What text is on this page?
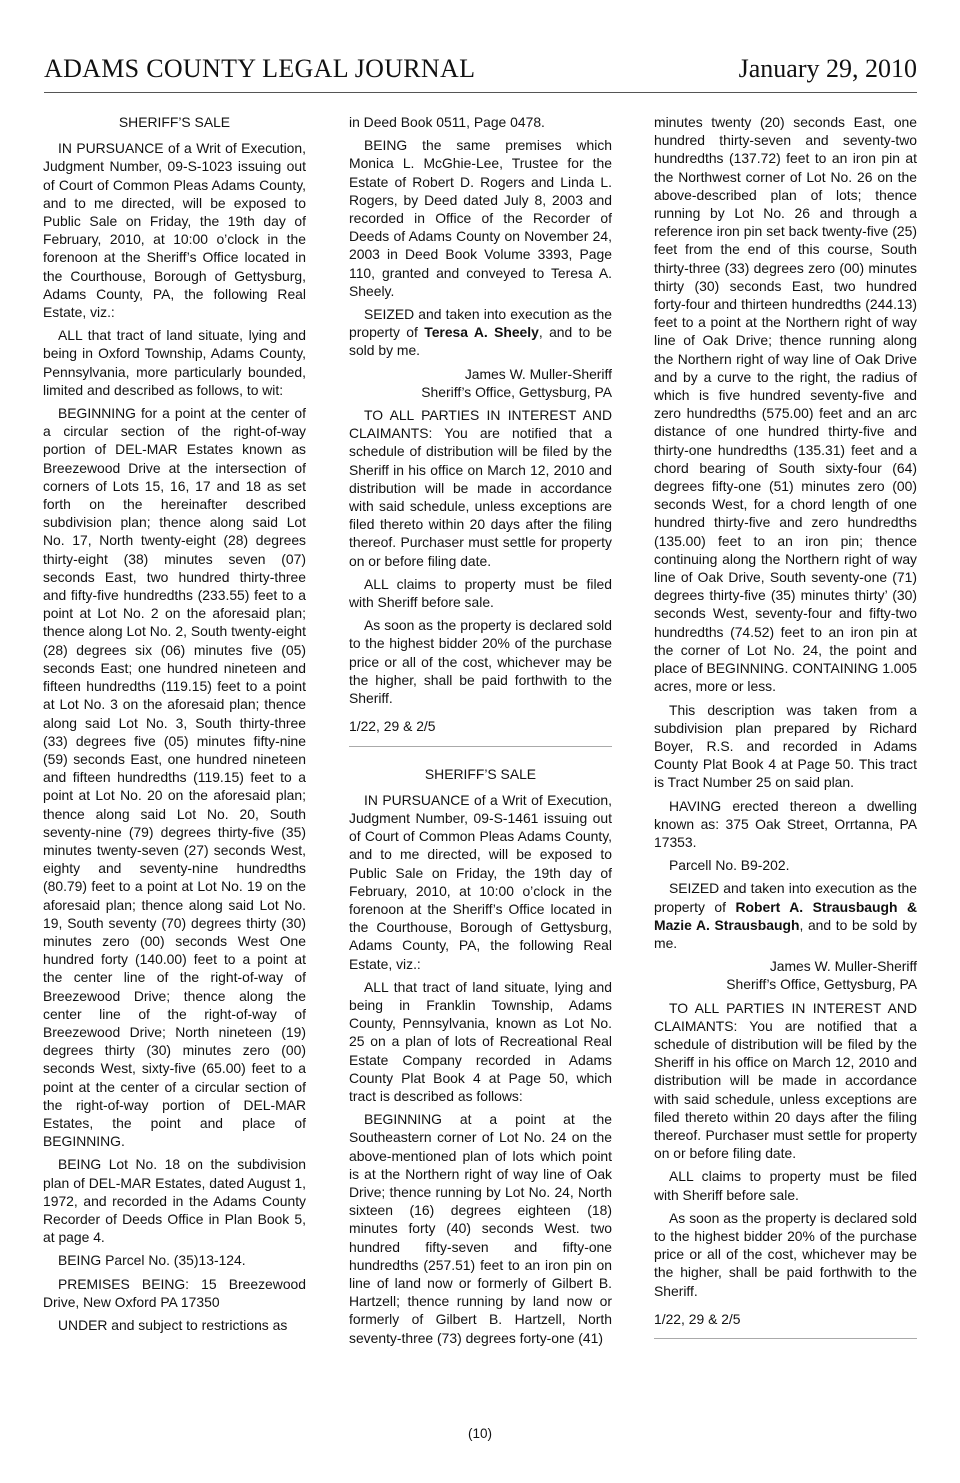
ADAMS COUNTY LEGAL JOURNAL	January 29, 2010

SHERIFF’S SALE

IN PURSUANCE of a Writ of Execution, Judgment Number, 09-S-1023 issuing out of Court of Common Pleas Adams County, and to me directed, will be exposed to Public Sale on Friday, the 19th day of February, 2010, at 10:00 o’clock in the forenoon at the Sheriff’s Office located in the Courthouse, Borough of Gettysburg, Adams County, PA, the following Real Estate, viz.:

ALL that tract of land situate, lying and being in Oxford Township, Adams County, Pennsylvania, more particularly bounded, limited and described as follows, to wit:

BEGINNING for a point at the center of a circular section of the right-of-way portion of DEL-MAR Estates known as Breezewood Drive at the intersection of corners of Lots 15, 16, 17 and 18 as set forth on the hereinafter described subdivision plan; thence along said Lot No. 17, North twenty-eight (28) degrees thirty-eight (38) minutes seven (07) seconds East, two hundred thirty-three and fifty-five hundredths (233.55) feet to a point at Lot No. 2 on the aforesaid plan; thence along Lot No. 2, South twenty-eight (28) degrees six (06) minutes five (05) seconds East; one hundred nineteen and fifteen hundredths (119.15) feet to a point at Lot No. 3 on the aforesaid plan; thence along said Lot No. 3, South thirty-three (33) degrees five (05) minutes fifty-nine (59) seconds East, one hundred nineteen and fifteen hundredths (119.15) feet to a point at Lot No. 20 on the aforesaid plan; thence along said Lot No. 20, South seventy-nine (79) degrees thirty-five (35) minutes twenty-seven (27) seconds West, eighty and seventy-nine hundredths (80.79) feet to a point at Lot No. 19 on the aforesaid plan; thence along said Lot No. 19, South seventy (70) degrees thirty (30) minutes zero (00) seconds West One hundred forty (140.00) feet to a point at the center line of the right-of-way of Breezewood Drive; thence along the center line of the right-of-way of Breezewood Drive; North nineteen (19) degrees thirty (30) minutes zero (00) seconds West, sixty-five (65.00) feet to a point at the center of a circular section of the right-of-way portion of DEL-MAR Estates, the point and place of BEGINNING.

BEING Lot No. 18 on the subdivision plan of DEL-MAR Estates, dated August 1, 1972, and recorded in the Adams County Recorder of Deeds Office in Plan Book 5, at page 4.

BEING Parcel No. (35)13-124.

PREMISES BEING: 15 Breezewood Drive, New Oxford PA 17350

UNDER and subject to restrictions as

in Deed Book 0511, Page 0478.

BEING the same premises which Monica L. McGhie-Lee, Trustee for the Estate of Robert D. Rogers and Linda L. Rogers, by Deed dated July 8, 2003 and recorded in Office of the Recorder of Deeds of Adams County on November 24, 2003 in Deed Book Volume 3393, Page 110, granted and conveyed to Teresa A. Sheely.

SEIZED and taken into execution as the property of Teresa A. Sheely, and to be sold by me.

James W. Muller-Sheriff

Sheriff’s Office, Gettysburg, PA

TO ALL PARTIES IN INTEREST AND CLAIMANTS: You are notified that a schedule of distribution will be filed by the Sheriff in his office on March 12, 2010 and distribution will be made in accordance with said schedule, unless exceptions are filed thereto within 20 days after the filing thereof. Purchaser must settle for property on or before filing date.

ALL claims to property must be filed with Sheriff before sale.

As soon as the property is declared sold to the highest bidder 20% of the purchase price or all of the cost, whichever may be the higher, shall be paid forthwith to the Sheriff.

1/22, 29 & 2/5

SHERIFF’S SALE

IN PURSUANCE of a Writ of Execution, Judgment Number, 09-S-1461 issuing out of Court of Common Pleas Adams County, and to me directed, will be exposed to Public Sale on Friday, the 19th day of February, 2010, at 10:00 o’clock in the forenoon at the Sheriff’s Office located in the Courthouse, Borough of Gettysburg, Adams County, PA, the following Real Estate, viz.:

ALL that tract of land situate, lying and being in Franklin Township, Adams County, Pennsylvania, known as Lot No. 25 on a plan of lots of Recreational Real Estate Company recorded in Adams County Plat Book 4 at Page 50, which tract is described as follows:

BEGINNING at a point at the Southeastern corner of Lot No. 24 on the above-mentioned plan of lots which point is at the Northern right of way line of Oak Drive; thence running by Lot No. 24, North sixteen (16) degrees eighteen (18) minutes forty (40) seconds West. two hundred fifty-seven and fifty-one hundredths (257.51) feet to an iron pin on line of land now or formerly of Gilbert B. Hartzell; thence running by land now or formerly of Gilbert B. Hartzell, North seventy-three (73) degrees forty-one (41)

minutes twenty (20) seconds East, one hundred thirty-seven and seventy-two hundredths (137.72) feet to an iron pin at the Northwest corner of Lot No. 26 on the above-described plan of lots; thence running by Lot No. 26 and through a reference iron pin set back twenty-five (25) feet from the end of this course, South thirty-three (33) degrees zero (00) minutes thirty (30) seconds East, two hundred forty-four and thirteen hundredths (244.13) feet to a point at the Northern right of way line of Oak Drive; thence running along the Northern right of way line of Oak Drive and by a curve to the right, the radius of which is five hundred seventy-five and zero hundredths (575.00) feet and an arc distance of one hundred thirty-five and thirty-one hundredths (135.31) feet and a chord bearing of South sixty-four (64) degrees fifty-one (51) minutes zero (00) seconds West, for a chord length of one hundred thirty-five and zero hundredths (135.00) feet to an iron pin; thence continuing along the Northern right of way line of Oak Drive, South seventy-one (71) degrees thirty-five (35) minutes thirty’ (30) seconds West, seventy-four and fifty-two hundredths (74.52) feet to an iron pin at the corner of Lot No. 24, the point and place of BEGINNING. CONTAINING 1.005 acres, more or less.

This description was taken from a subdivision plan prepared by Richard Boyer, R.S. and recorded in Adams County Plat Book 4 at Page 50. This tract is Tract Number 25 on said plan.

HAVING erected thereon a dwelling known as: 375 Oak Street, Orrtanna, PA 17353.

Parcell No. B9-202.

SEIZED and taken into execution as the property of Robert A. Strausbaugh & Mazie A. Strausbaugh, and to be sold by me.

James W. Muller-Sheriff

Sheriff’s Office, Gettysburg, PA

TO ALL PARTIES IN INTEREST AND CLAIMANTS: You are notified that a schedule of distribution will be filed by the Sheriff in his office on March 12, 2010 and distribution will be made in accordance with said schedule, unless exceptions are filed thereto within 20 days after the filing thereof. Purchaser must settle for property on or before filing date.

ALL claims to property must be filed with Sheriff before sale.

As soon as the property is declared sold to the highest bidder 20% of the purchase price or all of the cost, whichever may be the higher, shall be paid forthwith to the Sheriff.

1/22, 29 & 2/5

(10)
